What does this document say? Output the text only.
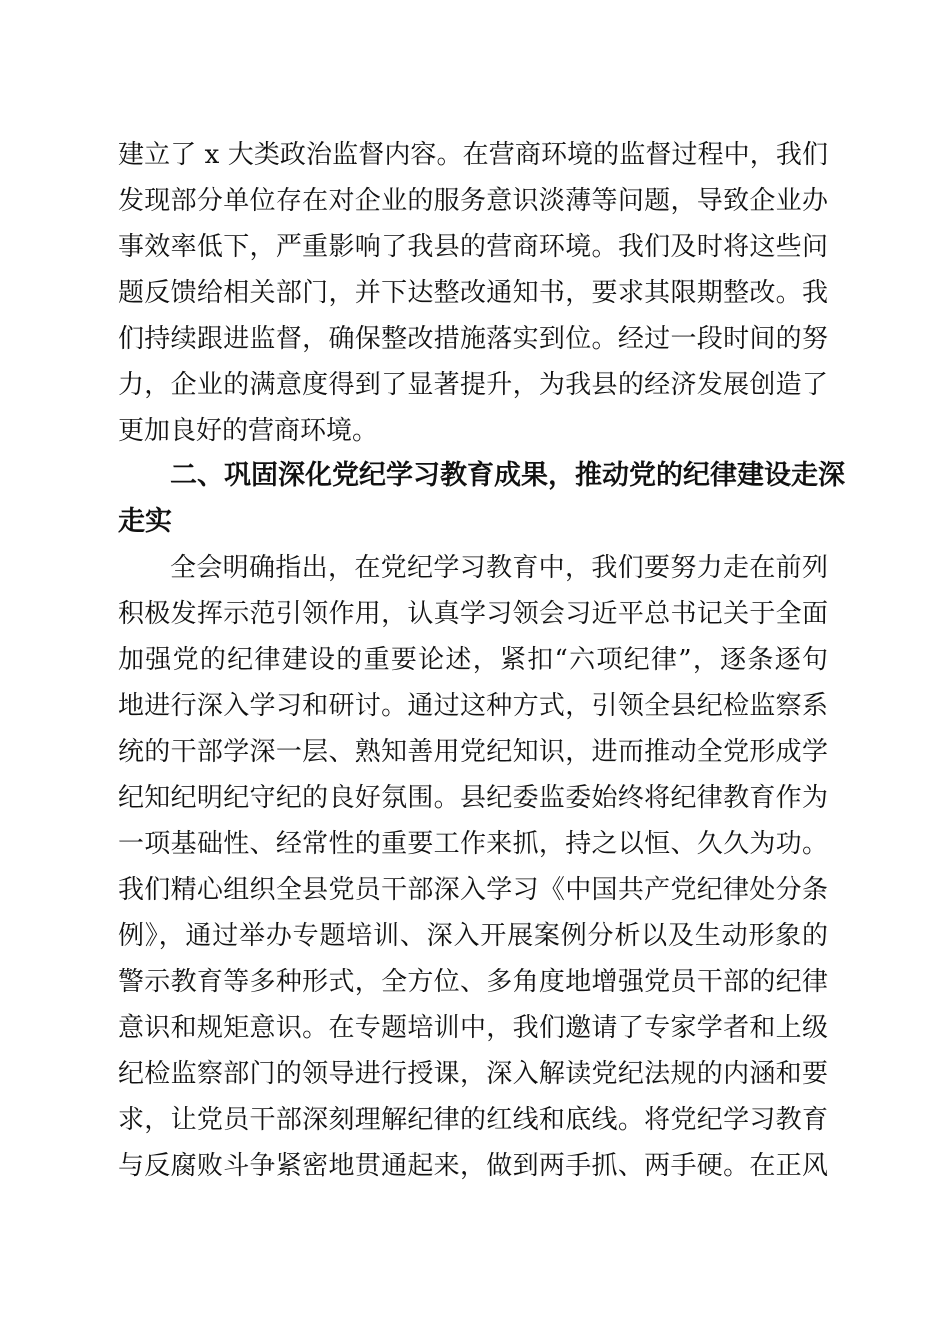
建立了 x 大类政治监督内容。在营商环境的监督过程中，我们
发现部分单位存在对企业的服务意识淡薄等问题，导致企业办
事效率低下，严重影响了我县的营商环境。我们及时将这些问
题反馈给相关部门，并下达整改通知书，要求其限期整改。我
们持续跟进监督，确保整改措施落实到位。经过一段时间的努
力，企业的满意度得到了显著提升，为我县的经济发展创造了
更加良好的营商环境。
二、巩固深化党纪学习教育成果，推动党的纪律建设走深
走实
全会明确指出，在党纪学习教育中，我们要努力走在前列
积极发挥示范引领作用，认真学习领会习近平总书记关于全面
加强党的纪律建设的重要论述，紧扣“六项纪律”，逐条逐句
地进行深入学习和研讨。通过这种方式，引领全县纪检监察系
统的干部学深一层、熟知善用党纪知识，进而推动全党形成学
纪知纪明纪守纪的良好氛围。县纪委监委始终将纪律教育作为
一项基础性、经常性的重要工作来抓，持之以恒、久久为功。
我们精心组织全县党员干部深入学习《中国共产党纪律处分条
例》，通过举办专题培训、深入开展案例分析以及生动形象的
警示教育等多种形式，全方位、多角度地增强党员干部的纪律
意识和规矩意识。在专题培训中，我们邀请了专家学者和上级
纪检监察部门的领导进行授课，深入解读党纪法规的内涵和要
求，让党员干部深刻理解纪律的红线和底线。将党纪学习教育
与反腐败斗争紧密地贯通起来，做到两手抓、两手硬。在正风
